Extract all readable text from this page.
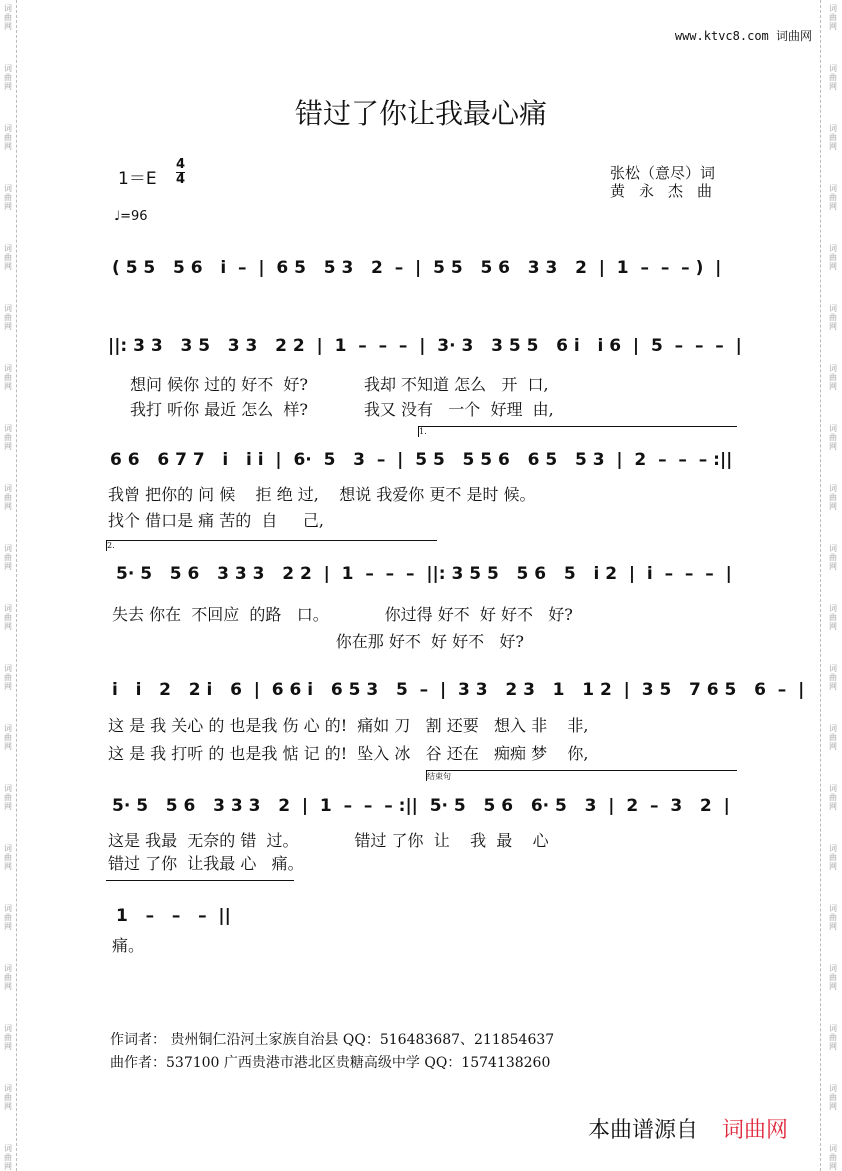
词
曲
网
词
曲
网
词
曲
网
词
曲
网
词
曲
网
词
曲
网
词
曲
网
词
曲
网
词
曲
网
词
曲
网
词
曲
网
词
曲
网
词
曲
网
词
曲
网
词
曲
网
词
曲
网
词
曲
网
词
曲
网
词
曲
网
词
曲
网
词
曲
网
词
曲
网
词
曲
网
词
曲
网
词
曲
网
词
曲
网
词
曲
网
词
曲
网
词
曲
网
词
曲
网
词
曲
网
词
曲
网
词
曲
网
词
曲
网
词
曲
网
词
曲
网
词
曲
网
词
曲
网
词
曲
网
词
曲
网
www.ktvc8.com 词曲网
错过了你让我最心痛
1＝E
4
4
♩=96
张松（意尽）词
黄永杰曲
( 5 5   5 6   i  –  |  6 5   5 3   2  –  |  5 5   5 6   3 3   2  |  1  –  –  – )  |
||: 3 3   3 5   3 3   2 2  |  1  –  –  –  |  3· 3   3 5 5   6 i   i 6  |  5  –  –  –  |
想问 候你 过的 好不  好?           我却 不知道 怎么   开  口,
我打 听你 最近 怎么  样?           我又 没有   一个  好理  由,
1.
6 6   6 7 7   i   i i  |  6·  5   3  –  |  5 5   5 5 6   6 5   5 3  |  2  –  –  – :||
我曾 把你的 问 候    拒 绝 过,    想说 我爱你 更不 是时 候。
找个 借口是 痛 苦的  自     己,
2.
5· 5   5 6   3 3 3   2 2  |  1  –  –  –  ||: 3 5 5   5 6   5   i 2  |  i  –  –  –  |
失去 你在  不回应  的路   口。           你过得 好不  好 好不   好?
你在那 好不  好 好不   好?
i   i   2   2 i   6  |  6 6 i   6 5 3   5  –  |  3 3   2 3   1   1 2  |  3 5   7 6 5   6  –  |
这 是 我 关心 的 也是我 伤 心 的!  痛如 刀   割 还要   想入 非    非,
这 是 我 打听 的 也是我 惦 记 的!  坠入 冰   谷 还在   痴痴 梦    你,
结束句
5· 5   5 6   3 3 3   2  |  1  –  –  – :||  5· 5   5 6   6· 5   3  |  2  –  3   2  |
这是 我最  无奈的 错  过。           错过 了你  让    我  最    心
错过 了你  让我最 心   痛。
1   –   –   –  ||
痛。
作词者： 贵州铜仁沿河土家族自治县 QQ：516483687、211854637
曲作者：537100 广西贵港市港北区贵糖高级中学 QQ：1574138260
本曲谱源自 词曲网
